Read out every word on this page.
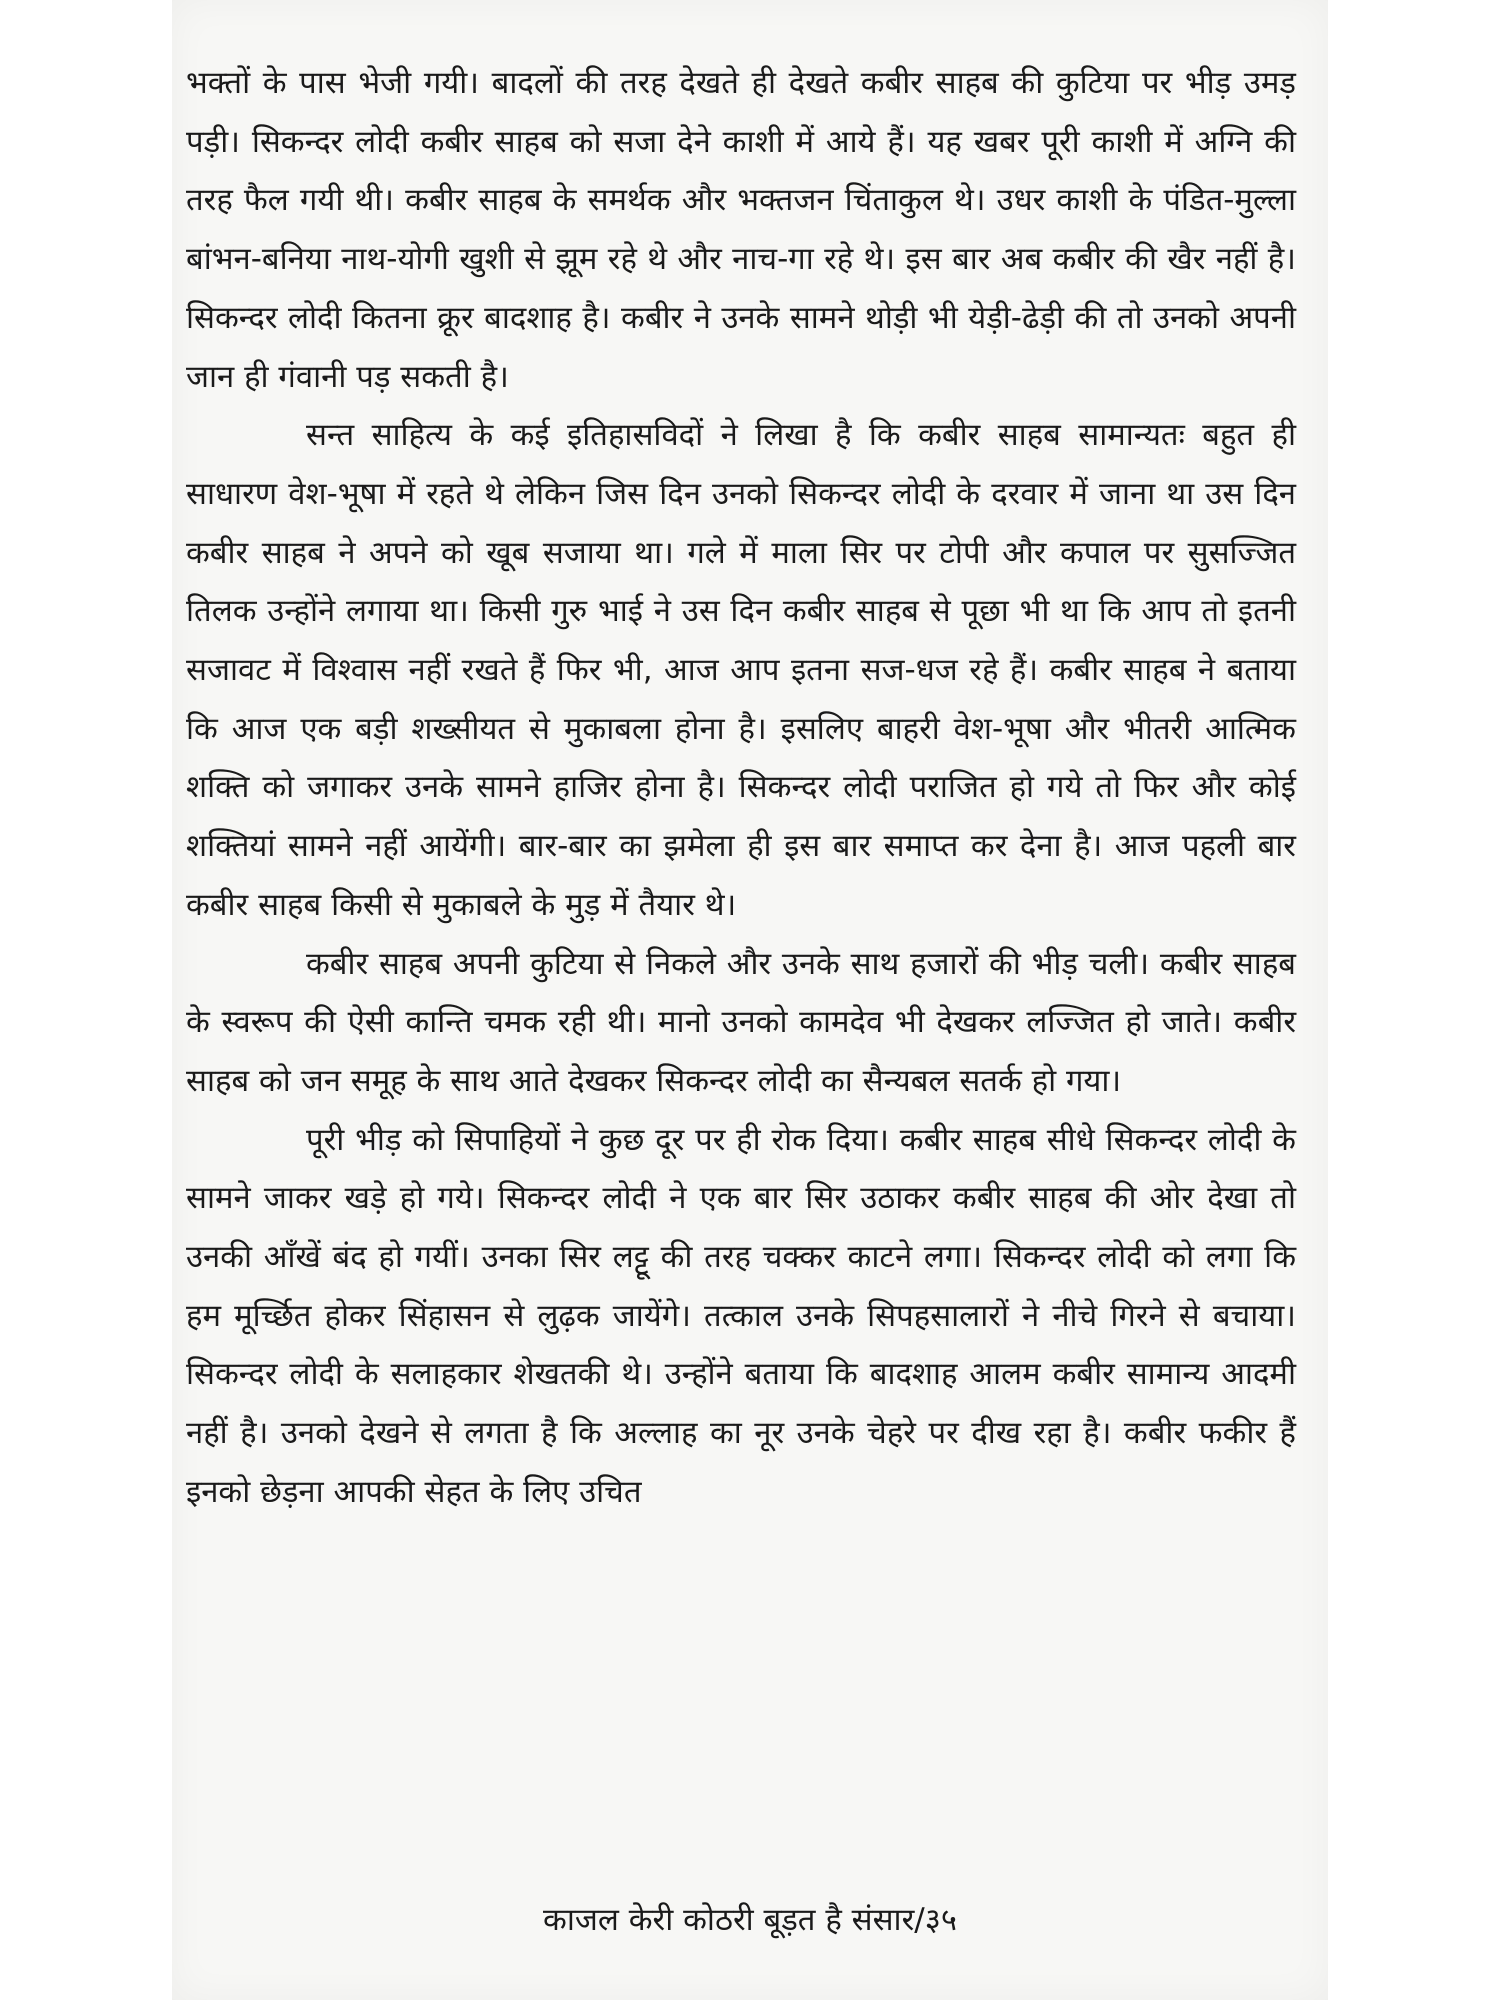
भक्तों के पास भेजी गयी। बादलों की तरह देखते ही देखते कबीर साहब की कुटिया पर भीड़ उमड़ पड़ी। सिकन्दर लोदी कबीर साहब को सजा देने काशी में आये हैं। यह खबर पूरी काशी में अग्नि की तरह फैल गयी थी। कबीर साहब के समर्थक और भक्तजन चिंताकुल थे। उधर काशी के पंडित-मुल्ला बांभन-बनिया नाथ-योगी खुशी से झूम रहे थे और नाच-गा रहे थे। इस बार अब कबीर की खैर नहीं है। सिकन्दर लोदी कितना क्रूर बादशाह है। कबीर ने उनके सामने थोड़ी भी येड़ी-ढेड़ी की तो उनको अपनी जान ही गंवानी पड़ सकती है।

सन्त साहित्य के कई इतिहासविदों ने लिखा है कि कबीर साहब सामान्यतः बहुत ही साधारण वेश-भूषा में रहते थे लेकिन जिस दिन उनको सिकन्दर लोदी के दरवार में जाना था उस दिन कबीर साहब ने अपने को खूब सजाया था। गले में माला सिर पर टोपी और कपाल पर सुसज्जित तिलक उन्होंने लगाया था। किसी गुरु भाई ने उस दिन कबीर साहब से पूछा भी था कि आप तो इतनी सजावट में विश्वास नहीं रखते हैं फिर भी, आज आप इतना सज-धज रहे हैं। कबीर साहब ने बताया कि आज एक बड़ी शख्सीयत से मुकाबला होना है। इसलिए बाहरी वेश-भूषा और भीतरी आत्मिक शक्ति को जगाकर उनके सामने हाजिर होना है। सिकन्दर लोदी पराजित हो गये तो फिर और कोई शक्तियां सामने नहीं आयेंगी। बार-बार का झमेला ही इस बार समाप्त कर देना है। आज पहली बार कबीर साहब किसी से मुकाबले के मुड़ में तैयार थे।

कबीर साहब अपनी कुटिया से निकले और उनके साथ हजारों की भीड़ चली। कबीर साहब के स्वरूप की ऐसी कान्ति चमक रही थी। मानो उनको कामदेव भी देखकर लज्जित हो जाते। कबीर साहब को जन समूह के साथ आते देखकर सिकन्दर लोदी का सैन्यबल सतर्क हो गया।

पूरी भीड़ को सिपाहियों ने कुछ दूर पर ही रोक दिया। कबीर साहब सीधे सिकन्दर लोदी के सामने जाकर खड़े हो गये। सिकन्दर लोदी ने एक बार सिर उठाकर कबीर साहब की ओर देखा तो उनकी आँखें बंद हो गयीं। उनका सिर लट्टू की तरह चक्कर काटने लगा। सिकन्दर लोदी को लगा कि हम मूर्च्छित होकर सिंहासन से लुढ़क जायेंगे। तत्काल उनके सिपहसालारों ने नीचे गिरने से बचाया। सिकन्दर लोदी के सलाहकार शेखतकी थे। उन्होंने बताया कि बादशाह आलम कबीर सामान्य आदमी नहीं है। उनको देखने से लगता है कि अल्लाह का नूर उनके चेहरे पर दीख रहा है। कबीर फकीर हैं इनको छेड़ना आपकी सेहत के लिए उचित

काजल केरी कोठरी बूड़त है संसार/३५
